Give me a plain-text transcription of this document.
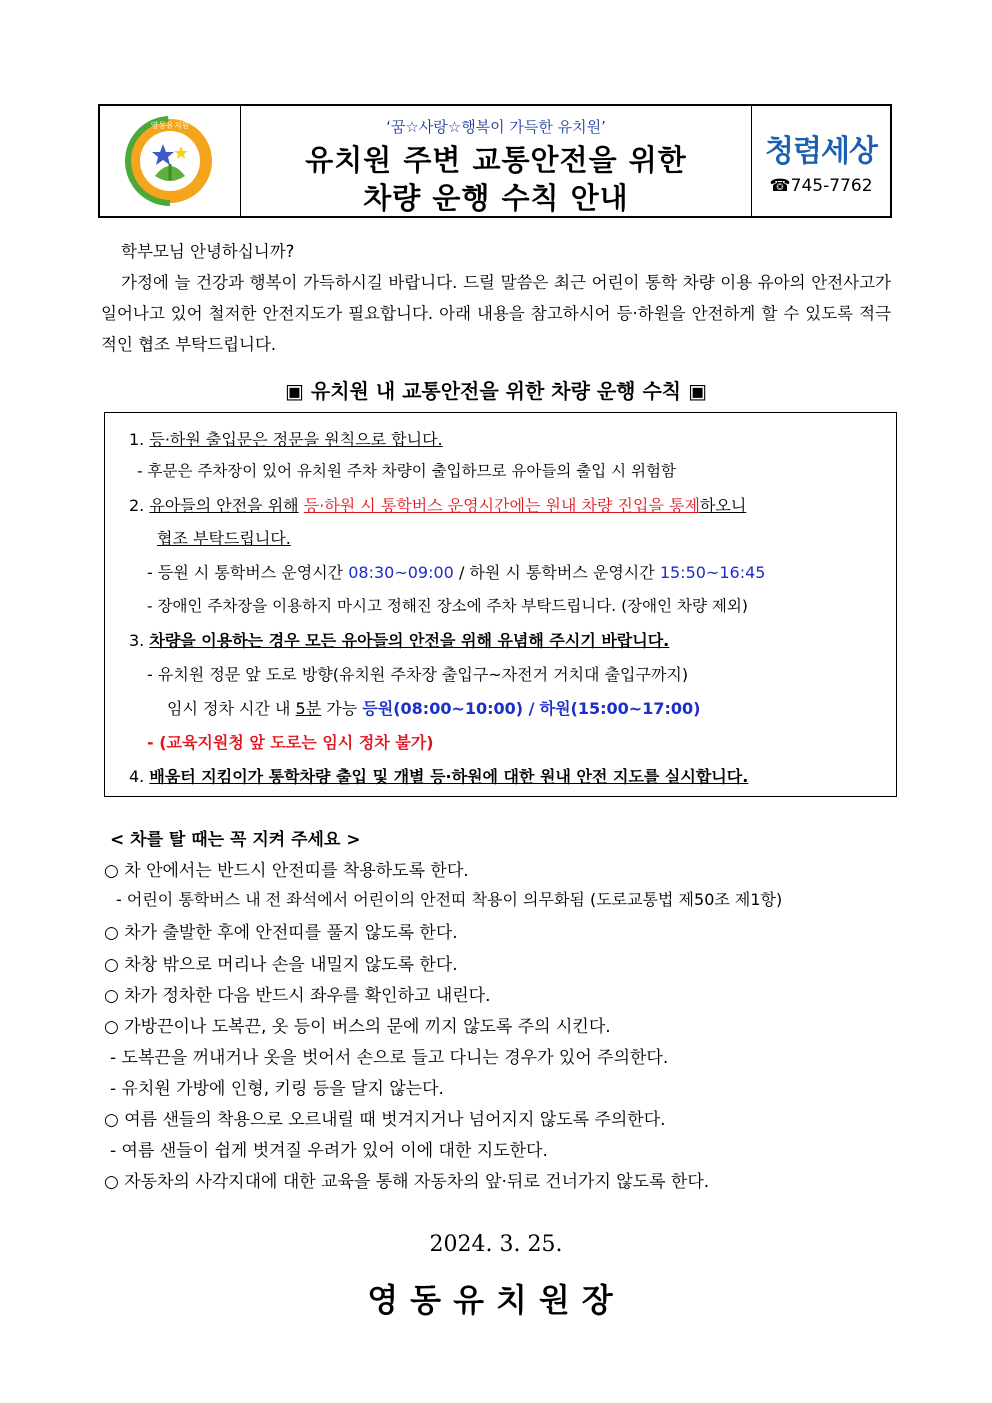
영동유치원	‘꿈☆사랑☆행복이 가득한 유치원’
유치원 주변 교통안전을 위한
차량 운행 수칙 안내
청렴세상
☎745-7762

학부모님 안녕하십니까?

가정에 늘 건강과 행복이 가득하시길 바랍니다. 드릴 말씀은 최근 어린이 통학 차량 이용 유아의 안전사고가 일어나고 있어 철저한 안전지도가 필요합니다. 아래 내용을 참고하시어 등·하원을 안전하게 할 수 있도록 적극적인 협조 부탁드립니다.

▣ 유치원 내 교통안전을 위한 차량 운행 수칙 ▣
1. 등·하원 출입문은 정문을 원칙으로 합니다.
- 후문은 주차장이 있어 유치원 주차 차량이 출입하므로 유아들의 출입 시 위험함
2. 유아들의 안전을 위해 등·하원 시 통학버스 운영시간에는 원내 차량 진입을 통제하오니
협조 부탁드립니다.
- 등원 시 통학버스 운영시간 08:30~09:00 / 하원 시 통학버스 운영시간 15:50~16:45
- 장애인 주차장을 이용하지 마시고 정해진 장소에 주차 부탁드립니다. (장애인 차량 제외)
3. 차량을 이용하는 경우 모든 유아들의 안전을 위해 유념해 주시기 바랍니다.
- 유치원 정문 앞 도로 방향(유치원 주차장 출입구~자전거 거치대 출입구까지)
임시 정차 시간 내 5분 가능 등원(08:00~10:00) / 하원(15:00~17:00)
- (교육지원청 앞 도로는 임시 정차 불가)
4. 배움터 지킴이가 통학차량 출입 및 개별 등·하원에 대한 원내 안전 지도를 실시합니다.
< 차를 탈 때는 꼭 지켜 주세요 >
○ 차 안에서는 반드시 안전띠를 착용하도록 한다.
- 어린이 통학버스 내 전 좌석에서 어린이의 안전띠 착용이 의무화됨 (도로교통법 제50조 제1항)
○ 차가 출발한 후에 안전띠를 풀지 않도록 한다.
○ 차창 밖으로 머리나 손을 내밀지 않도록 한다.
○ 차가 정차한 다음 반드시 좌우를 확인하고 내린다.
○ 가방끈이나 도복끈, 옷 등이 버스의 문에 끼지 않도록 주의 시킨다.
- 도복끈을 꺼내거나 옷을 벗어서 손으로 들고 다니는 경우가 있어 주의한다.
- 유치원 가방에 인형, 키링 등을 달지 않는다.
○ 여름 샌들의 착용으로 오르내릴 때 벗겨지거나 넘어지지 않도록 주의한다.
- 여름 샌들이 쉽게 벗겨질 우려가 있어 이에 대한 지도한다.
○ 자동차의 사각지대에 대한 교육을 통해 자동차의 앞·뒤로 건너가지 않도록 한다.
2024. 3. 25.
영동유치원장
